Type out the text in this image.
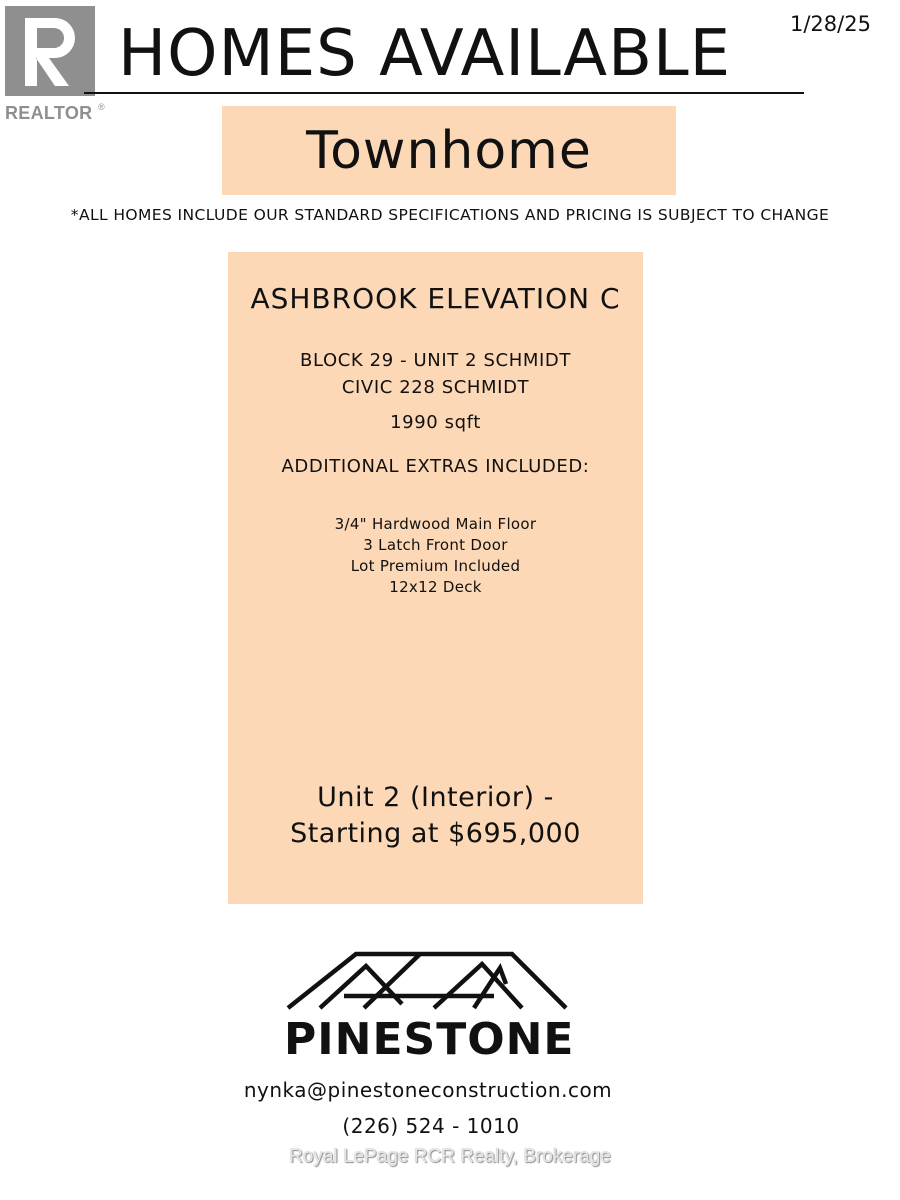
REALTOR ®
HOMES AVAILABLE	1/28/25
Townhome
*ALL HOMES INCLUDE OUR STANDARD SPECIFICATIONS AND PRICING IS SUBJECT TO CHANGE
ASHBROOK ELEVATION C
BLOCK 29 - UNIT 2 SCHMIDT
CIVIC 228 SCHMIDT
1990 sqft
ADDITIONAL EXTRAS INCLUDED:
3/4" Hardwood Main Floor
3 Latch Front Door
Lot Premium Included
12x12 Deck
Unit 2 (Interior) -
Starting at $695,000
PINESTONE
nynka@pinestoneconstruction.com
(226) 524 - 1010
Royal LePage RCR Realty, Brokerage
